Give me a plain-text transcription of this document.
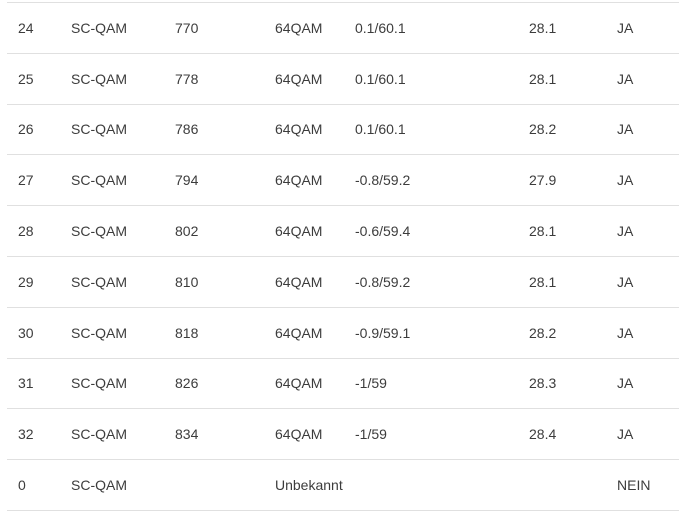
24	SC-QAM	770	64QAM	0.1/60.1	28.1	JA
25	SC-QAM	778	64QAM	0.1/60.1	28.1	JA
26	SC-QAM	786	64QAM	0.1/60.1	28.2	JA
27	SC-QAM	794	64QAM	-0.8/59.2	27.9	JA
28	SC-QAM	802	64QAM	-0.6/59.4	28.1	JA
29	SC-QAM	810	64QAM	-0.8/59.2	28.1	JA
30	SC-QAM	818	64QAM	-0.9/59.1	28.2	JA
31	SC-QAM	826	64QAM	-1/59	28.3	JA
32	SC-QAM	834	64QAM	-1/59	28.4	JA
0	SC-QAM		Unbekannt			NEIN
